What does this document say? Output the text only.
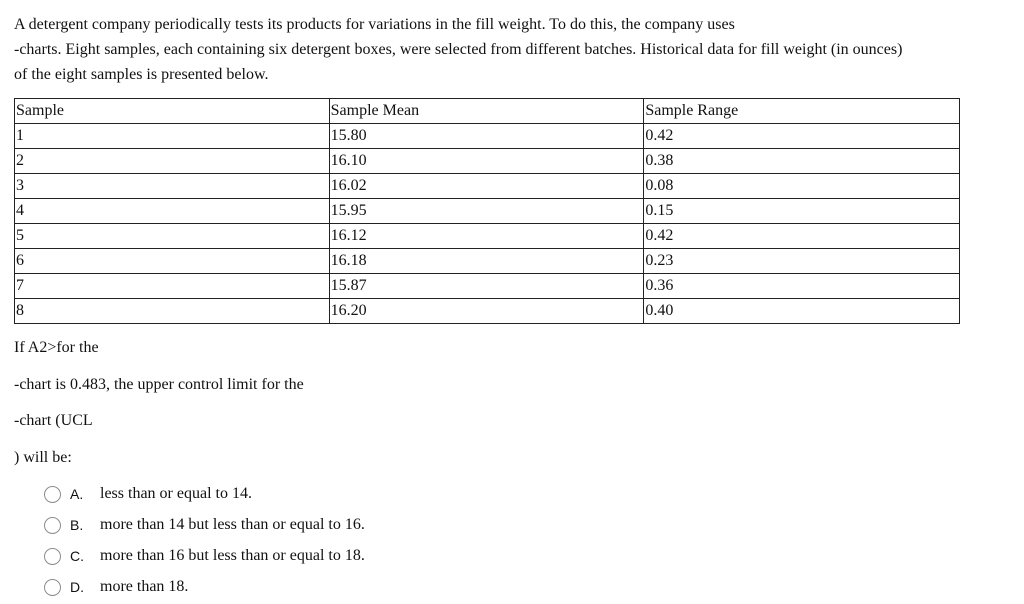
A detergent company periodically tests its products for variations in the fill weight. To do this, the company uses
-charts. Eight samples, each containing six detergent boxes, were selected from different batches. Historical data for fill weight (in ounces)
of the eight samples is presented below.
Sample	Sample Mean	Sample Range
1	15.80	0.42
2	16.10	0.38
3	16.02	0.08
4	15.95	0.15
5	16.12	0.42
6	16.18	0.23
7	15.87	0.36
8	16.20	0.40
If A2>for the
-chart is 0.483, the upper control limit for the
-chart (UCL
) will be:
A.	less than or equal to 14.
B.	more than 14 but less than or equal to 16.
C.	more than 16 but less than or equal to 18.
D.	more than 18.
